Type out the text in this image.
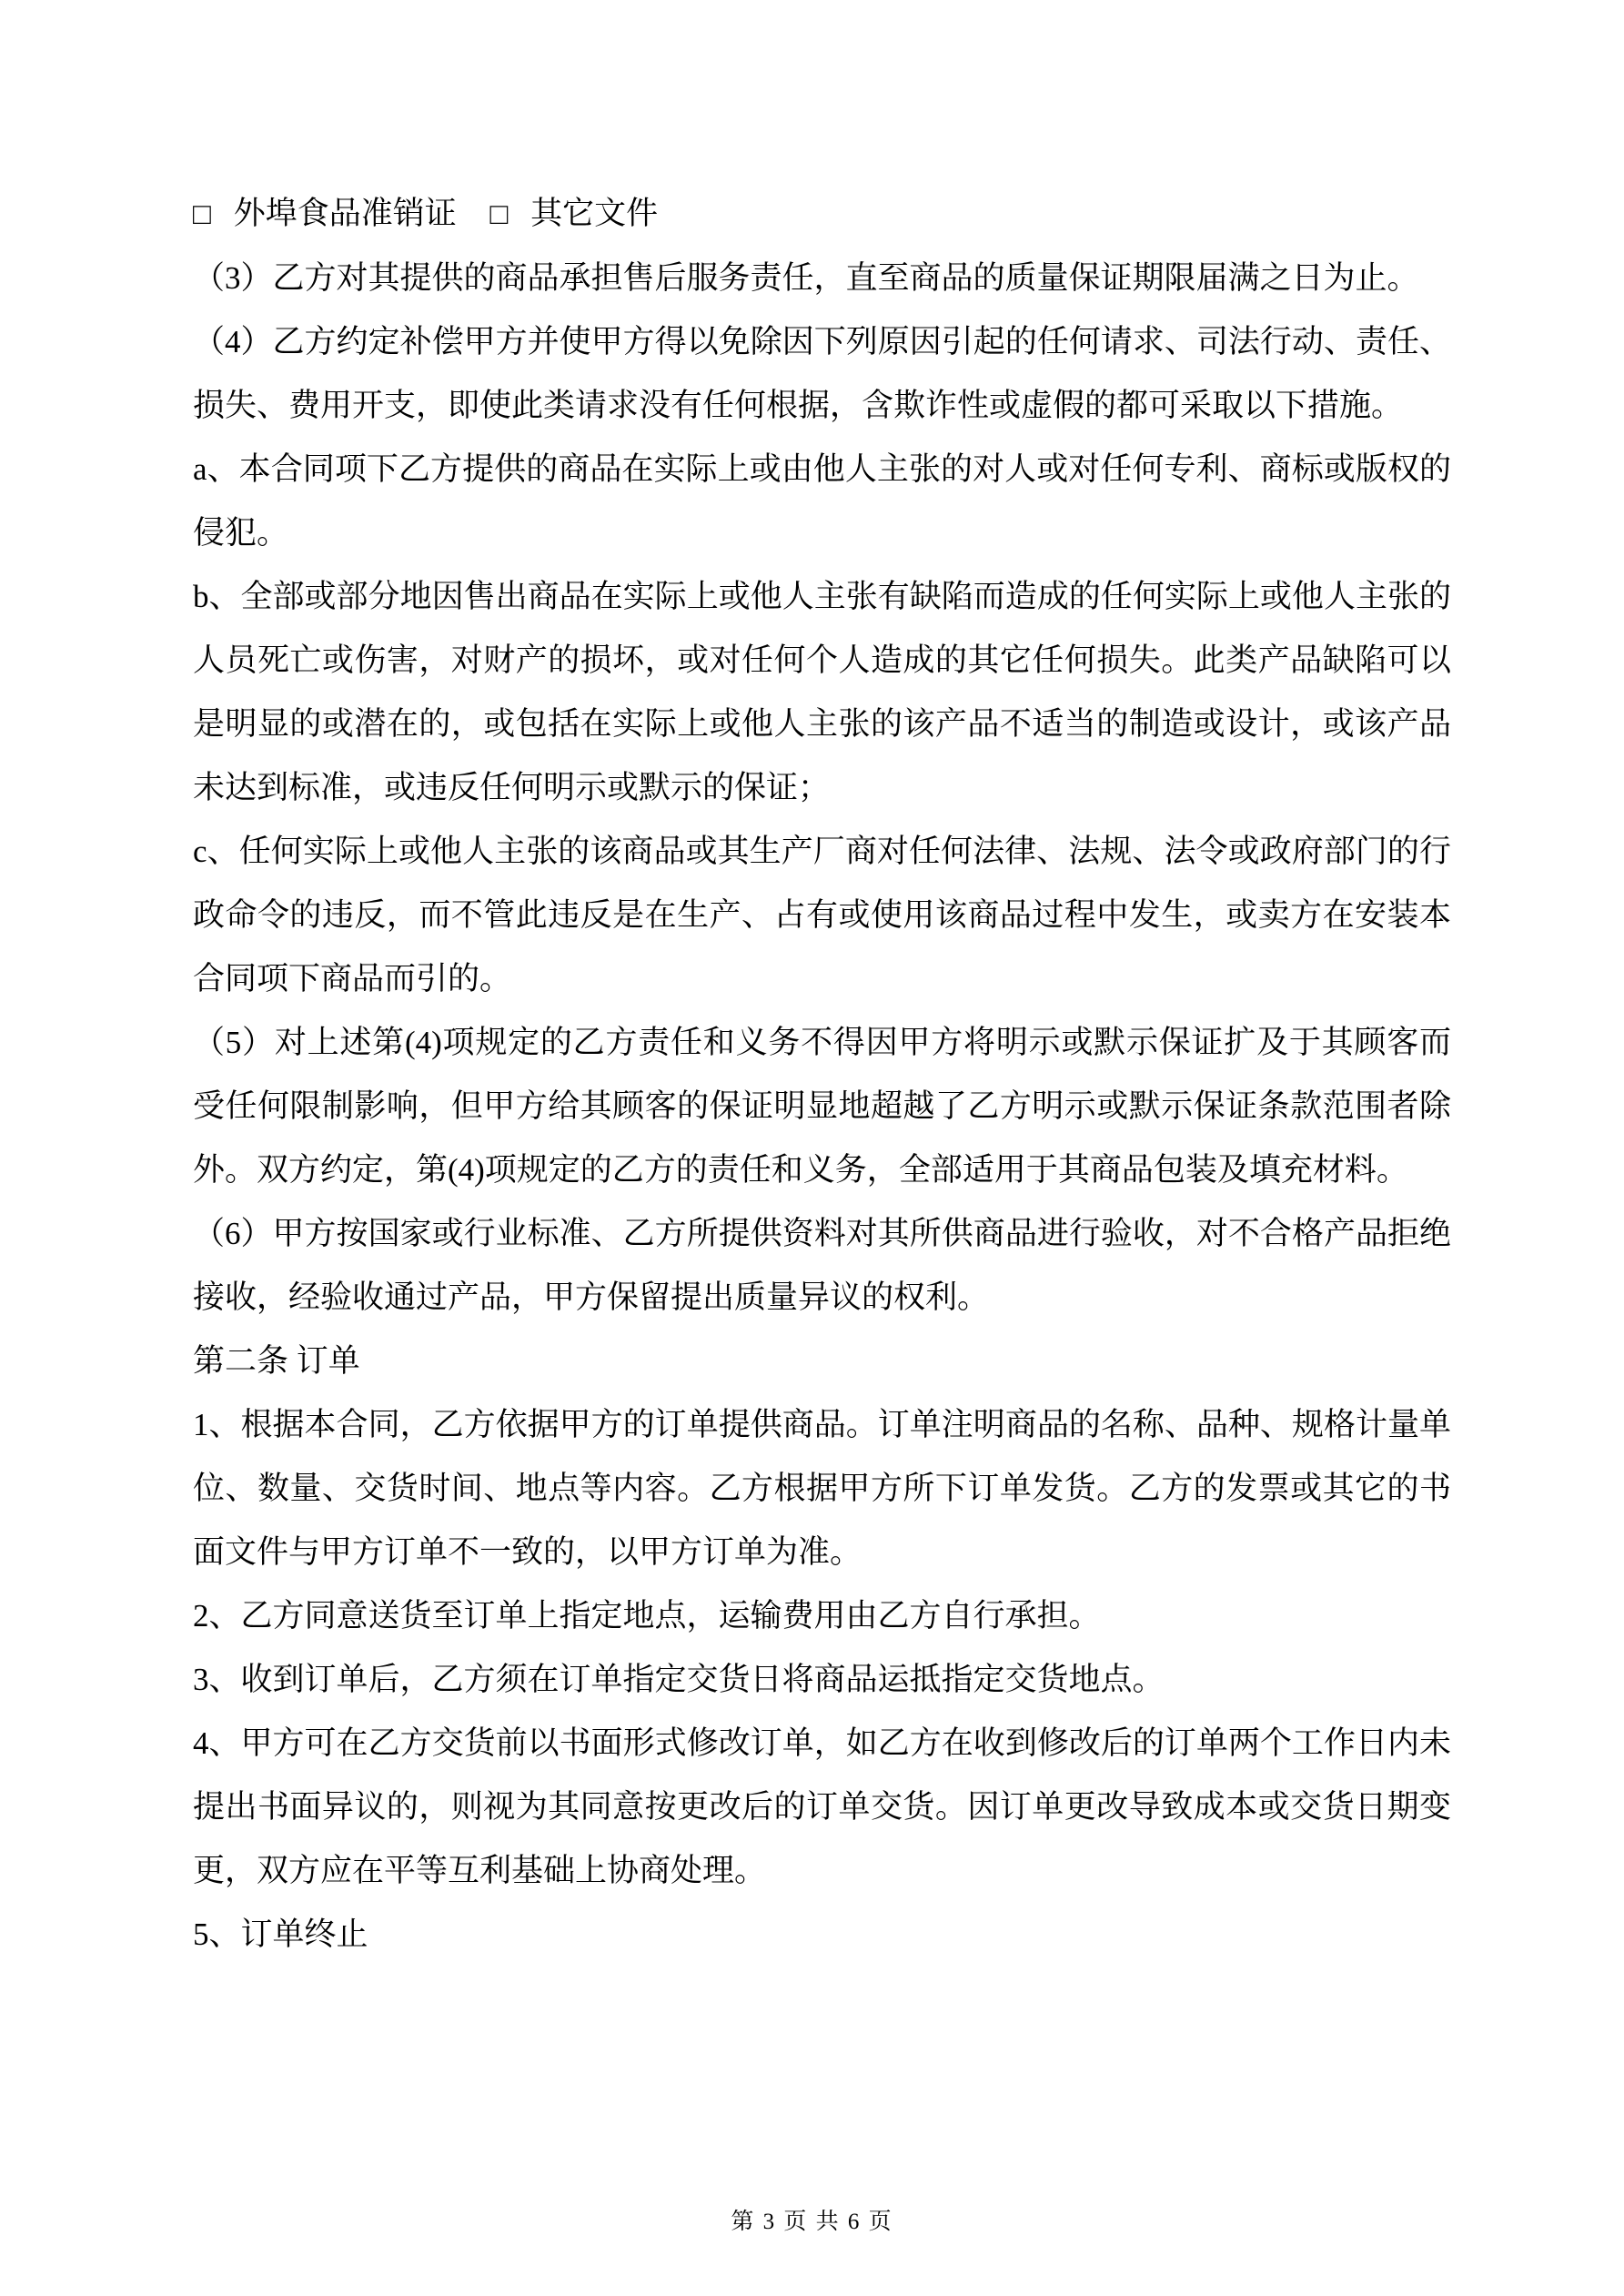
□ 外埠食品准销证 □ 其它文件

（3）乙方对其提供的商品承担售后服务责任，直至商品的质量保证期限届满之日为止。

（4）乙方约定补偿甲方并使甲方得以免除因下列原因引起的任何请求、司法行动、责任、损失、费用开支，即使此类请求没有任何根据，含欺诈性或虚假的都可采取以下措施。

a、本合同项下乙方提供的商品在实际上或由他人主张的对人或对任何专利、商标或版权的侵犯。

b、全部或部分地因售出商品在实际上或他人主张有缺陷而造成的任何实际上或他人主张的人员死亡或伤害，对财产的损坏，或对任何个人造成的其它任何损失。此类产品缺陷可以是明显的或潜在的，或包括在实际上或他人主张的该产品不适当的制造或设计，或该产品未达到标准，或违反任何明示或默示的保证；

c、任何实际上或他人主张的该商品或其生产厂商对任何法律、法规、法令或政府部门的行政命令的违反，而不管此违反是在生产、占有或使用该商品过程中发生，或卖方在安装本合同项下商品而引的。

（5）对上述第(4)项规定的乙方责任和义务不得因甲方将明示或默示保证扩及于其顾客而受任何限制影响，但甲方给其顾客的保证明显地超越了乙方明示或默示保证条款范围者除外。双方约定，第(4)项规定的乙方的责任和义务，全部适用于其商品包装及填充材料。

（6）甲方按国家或行业标准、乙方所提供资料对其所供商品进行验收，对不合格产品拒绝接收，经验收通过产品，甲方保留提出质量异议的权利。

第二条 订单

1、根据本合同，乙方依据甲方的订单提供商品。订单注明商品的名称、品种、规格计量单位、数量、交货时间、地点等内容。乙方根据甲方所下订单发货。乙方的发票或其它的书面文件与甲方订单不一致的，以甲方订单为准。

2、乙方同意送货至订单上指定地点，运输费用由乙方自行承担。

3、收到订单后，乙方须在订单指定交货日将商品运抵指定交货地点。

4、甲方可在乙方交货前以书面形式修改订单，如乙方在收到修改后的订单两个工作日内未提出书面异议的，则视为其同意按更改后的订单交货。因订单更改导致成本或交货日期变更，双方应在平等互利基础上协商处理。

5、订单终止

第 3 页 共 6 页
